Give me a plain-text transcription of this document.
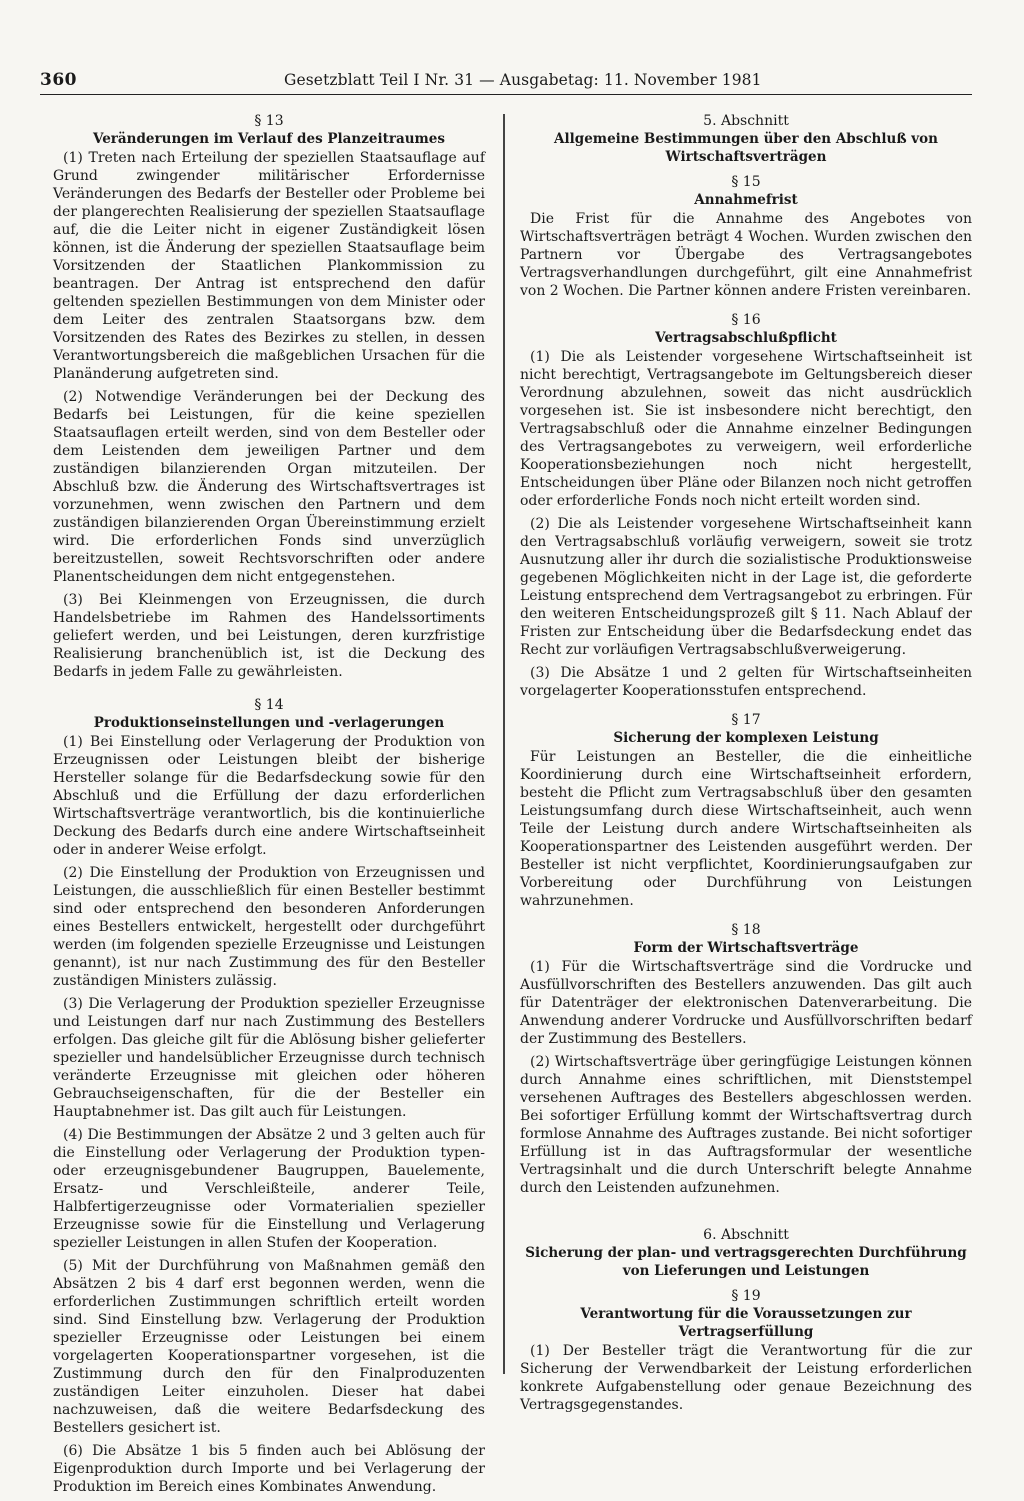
360	Gesetzblatt Teil I Nr. 31 — Ausgabetag: 11. November 1981

§ 13

Veränderungen im Verlauf des Planzeitraumes

(1) Treten nach Erteilung der speziellen Staatsauflage auf Grund zwingender militärischer Erfordernisse Veränderungen des Bedarfs der Besteller oder Probleme bei der plangerechten Realisierung der speziellen Staatsauflage auf, die die Leiter nicht in eigener Zuständigkeit lösen können, ist die Änderung der speziellen Staatsauflage beim Vorsitzenden der Staatlichen Plankommission zu beantragen. Der Antrag ist entsprechend den dafür geltenden speziellen Bestimmungen von dem Minister oder dem Leiter des zentralen Staatsorgans bzw. dem Vorsitzenden des Rates des Bezirkes zu stellen, in dessen Verantwortungsbereich die maßgeblichen Ursachen für die Planänderung aufgetreten sind.

(2) Notwendige Veränderungen bei der Deckung des Bedarfs bei Leistungen, für die keine speziellen Staatsauflagen erteilt werden, sind von dem Besteller oder dem Leistenden dem jeweiligen Partner und dem zuständigen bilanzierenden Organ mitzuteilen. Der Abschluß bzw. die Änderung des Wirtschaftsvertrages ist vorzunehmen, wenn zwischen den Partnern und dem zuständigen bilanzierenden Organ Übereinstimmung erzielt wird. Die erforderlichen Fonds sind unverzüglich bereitzustellen, soweit Rechtsvorschriften oder andere Planentscheidungen dem nicht entgegenstehen.

(3) Bei Kleinmengen von Erzeugnissen, die durch Handelsbetriebe im Rahmen des Handelssortiments geliefert werden, und bei Leistungen, deren kurzfristige Realisierung branchenüblich ist, ist die Deckung des Bedarfs in jedem Falle zu gewährleisten.

§ 14

Produktionseinstellungen und -verlagerungen

(1) Bei Einstellung oder Verlagerung der Produktion von Erzeugnissen oder Leistungen bleibt der bisherige Hersteller solange für die Bedarfsdeckung sowie für den Abschluß und die Erfüllung der dazu erforderlichen Wirtschaftsverträge verantwortlich, bis die kontinuierliche Deckung des Bedarfs durch eine andere Wirtschaftseinheit oder in anderer Weise erfolgt.

(2) Die Einstellung der Produktion von Erzeugnissen und Leistungen, die ausschließlich für einen Besteller bestimmt sind oder entsprechend den besonderen Anforderungen eines Bestellers entwickelt, hergestellt oder durchgeführt werden (im folgenden spezielle Erzeugnisse und Leistungen genannt), ist nur nach Zustimmung des für den Besteller zuständigen Ministers zulässig.

(3) Die Verlagerung der Produktion spezieller Erzeugnisse und Leistungen darf nur nach Zustimmung des Bestellers erfolgen. Das gleiche gilt für die Ablösung bisher gelieferter spezieller und handelsüblicher Erzeugnisse durch technisch veränderte Erzeugnisse mit gleichen oder höheren Gebrauchseigenschaften, für die der Besteller ein Hauptabnehmer ist. Das gilt auch für Leistungen.

(4) Die Bestimmungen der Absätze 2 und 3 gelten auch für die Einstellung oder Verlagerung der Produktion typen- oder erzeugnisgebundener Baugruppen, Bauelemente, Ersatz- und Verschleißteile, anderer Teile, Halbfertigerzeugnisse oder Vormaterialien spezieller Erzeugnisse sowie für die Einstellung und Verlagerung spezieller Leistungen in allen Stufen der Kooperation.

(5) Mit der Durchführung von Maßnahmen gemäß den Absätzen 2 bis 4 darf erst begonnen werden, wenn die erforderlichen Zustimmungen schriftlich erteilt worden sind. Sind Einstellung bzw. Verlagerung der Produktion spezieller Erzeugnisse oder Leistungen bei einem vorgelagerten Kooperationspartner vorgesehen, ist die Zustimmung durch den für den Finalproduzenten zuständigen Leiter einzuholen. Dieser hat dabei nachzuweisen, daß die weitere Bedarfsdeckung des Bestellers gesichert ist.

(6) Die Absätze 1 bis 5 finden auch bei Ablösung der Eigenproduktion durch Importe und bei Verlagerung der Produktion im Bereich eines Kombinates Anwendung.

5. Abschnitt

Allgemeine Bestimmungen über den Abschluß von Wirtschaftsverträgen

§ 15

Annahmefrist

Die Frist für die Annahme des Angebotes von Wirtschaftsverträgen beträgt 4 Wochen. Wurden zwischen den Partnern vor Übergabe des Vertragsangebotes Vertragsverhandlungen durchgeführt, gilt eine Annahmefrist von 2 Wochen. Die Partner können andere Fristen vereinbaren.

§ 16

Vertragsabschlußpflicht

(1) Die als Leistender vorgesehene Wirtschaftseinheit ist nicht berechtigt, Vertragsangebote im Geltungsbereich dieser Verordnung abzulehnen, soweit das nicht ausdrücklich vorgesehen ist. Sie ist insbesondere nicht berechtigt, den Vertragsabschluß oder die Annahme einzelner Bedingungen des Vertragsangebotes zu verweigern, weil erforderliche Kooperationsbeziehungen noch nicht hergestellt, Entscheidungen über Pläne oder Bilanzen noch nicht getroffen oder erforderliche Fonds noch nicht erteilt worden sind.

(2) Die als Leistender vorgesehene Wirtschaftseinheit kann den Vertragsabschluß vorläufig verweigern, soweit sie trotz Ausnutzung aller ihr durch die sozialistische Produktionsweise gegebenen Möglichkeiten nicht in der Lage ist, die geforderte Leistung entsprechend dem Vertragsangebot zu erbringen. Für den weiteren Entscheidungsprozeß gilt § 11. Nach Ablauf der Fristen zur Entscheidung über die Bedarfsdeckung endet das Recht zur vorläufigen Vertragsabschlußverweigerung.

(3) Die Absätze 1 und 2 gelten für Wirtschaftseinheiten vorgelagerter Kooperationsstufen entsprechend.

§ 17

Sicherung der komplexen Leistung

Für Leistungen an Besteller, die die einheitliche Koordinierung durch eine Wirtschaftseinheit erfordern, besteht die Pflicht zum Vertragsabschluß über den gesamten Leistungsumfang durch diese Wirtschaftseinheit, auch wenn Teile der Leistung durch andere Wirtschaftseinheiten als Kooperationspartner des Leistenden ausgeführt werden. Der Besteller ist nicht verpflichtet, Koordinierungsaufgaben zur Vorbereitung oder Durchführung von Leistungen wahrzunehmen.

§ 18

Form der Wirtschaftsverträge

(1) Für die Wirtschaftsverträge sind die Vordrucke und Ausfüllvorschriften des Bestellers anzuwenden. Das gilt auch für Datenträger der elektronischen Datenverarbeitung. Die Anwendung anderer Vordrucke und Ausfüllvorschriften bedarf der Zustimmung des Bestellers.

(2) Wirtschaftsverträge über geringfügige Leistungen können durch Annahme eines schriftlichen, mit Dienststempel versehenen Auftrages des Bestellers abgeschlossen werden. Bei sofortiger Erfüllung kommt der Wirtschaftsvertrag durch formlose Annahme des Auftrages zustande. Bei nicht sofortiger Erfüllung ist in das Auftragsformular der wesentliche Vertragsinhalt und die durch Unterschrift belegte Annahme durch den Leistenden aufzunehmen.

6. Abschnitt

Sicherung der plan- und vertragsgerechten Durchführung von Lieferungen und Leistungen

§ 19

Verantwortung für die Voraussetzungen zur Vertragserfüllung

(1) Der Besteller trägt die Verantwortung für die zur Sicherung der Verwendbarkeit der Leistung erforderlichen konkrete Aufgabenstellung oder genaue Bezeichnung des Vertragsgegenstandes.
